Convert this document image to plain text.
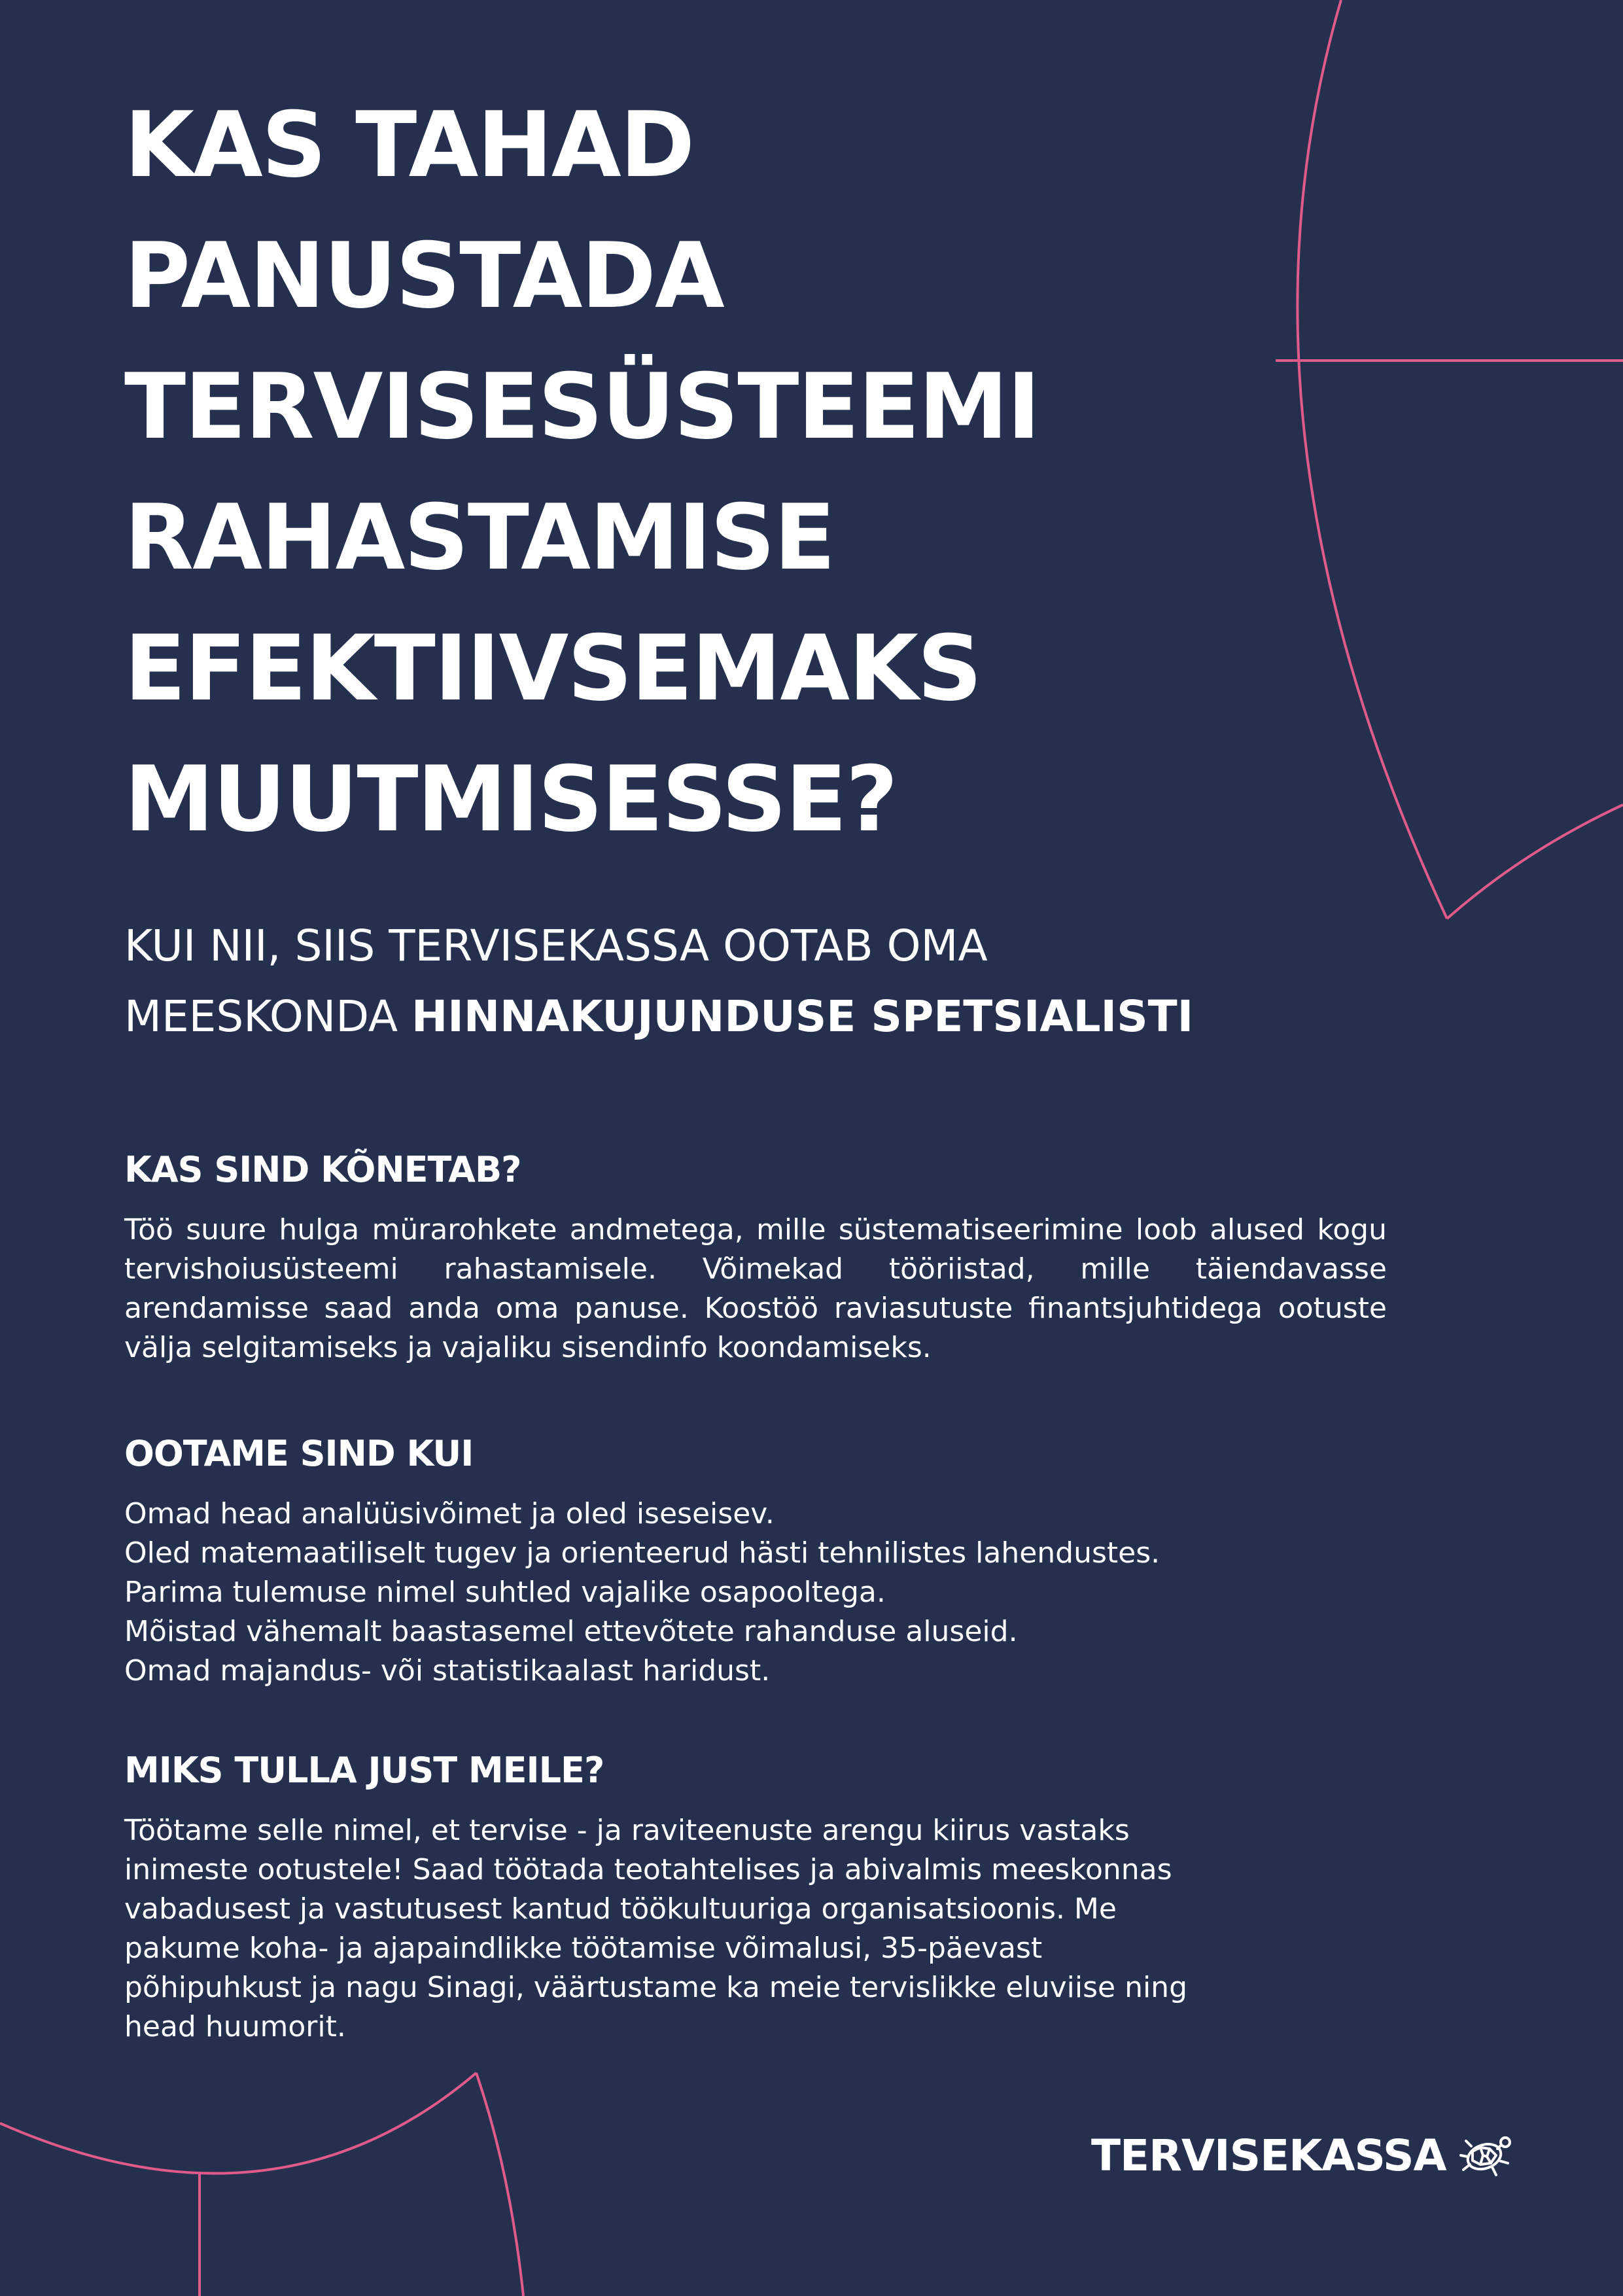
KAS TAHAD
PANUSTADA
TERVISESÜSTEEMI
RAHASTAMISE
EFEKTIIVSEMAKS
MUUTMISESSE?
KUI NII, SIIS TERVISEKASSA OOTAB OMA
MEESKONDA HINNAKUJUNDUSE SPETSIALISTI
KAS SIND KÕNETAB?

Töö suure hulga mürarohkete andmetega, mille süstematiseerimine loob alused kogu tervishoiusüsteemi rahastamisele. Võimekad tööriistad, mille täiendavasse arendamisse saad anda oma panuse. Koostöö raviasutuste finantsjuhtidega ootuste välja selgitamiseks ja vajaliku sisendinfo koondamiseks.

OOTAME SIND KUI

Omad head analüüsivõimet ja oled iseseisev.
Oled matemaatiliselt tugev ja orienteerud hästi tehnilistes lahendustes.
Parima tulemuse nimel suhtled vajalike osapooltega.
Mõistad vähemalt baastasemel ettevõtete rahanduse aluseid.
Omad majandus- või statistikaalast haridust.

MIKS TULLA JUST MEILE?

Töötame selle nimel, et tervise - ja raviteenuste arengu kiirus vastaks
inimeste ootustele! Saad töötada teotahtelises ja abivalmis meeskonnas
vabadusest ja vastutusest kantud töökultuuriga organisatsioonis. Me
pakume koha- ja ajapaindlikke töötamise võimalusi, 35-päevast
põhipuhkust ja nagu Sinagi, väärtustame ka meie tervislikke eluviise ning
head huumorit.

TERVISEKASSA
